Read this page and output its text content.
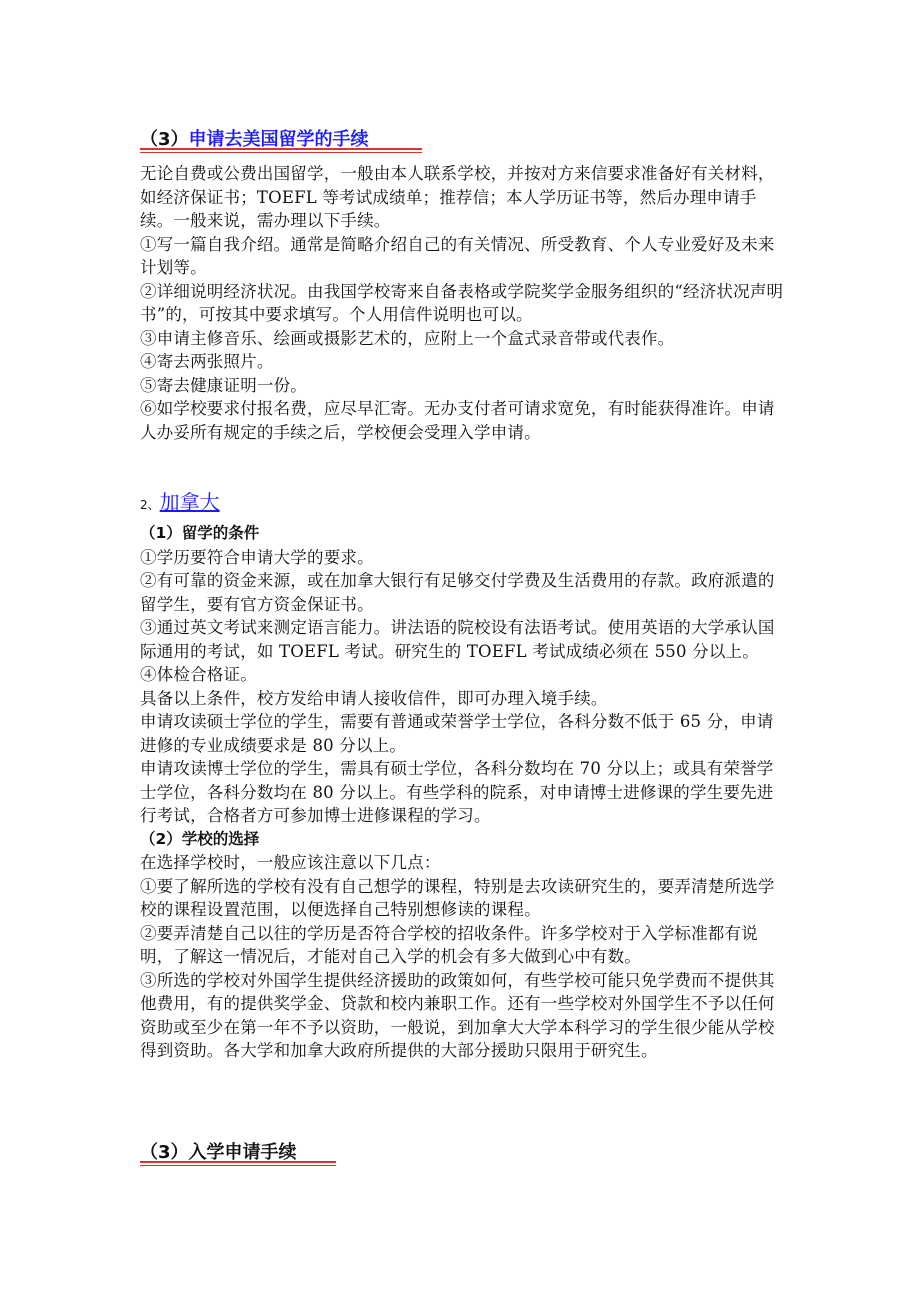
（3）申请去美国留学的手续

无论自费或公费出国留学，一般由本人联系学校，并按对方来信要求准备好有关材料，如经济保证书；TOEFL 等考试成绩单；推荐信；本人学历证书等，然后办理申请手续。一般来说，需办理以下手续。

①写一篇自我介绍。通常是简略介绍自己的有关情况、所受教育、个人专业爱好及未来计划等。

②详细说明经济状况。由我国学校寄来自备表格或学院奖学金服务组织的“经济状况声明书”的，可按其中要求填写。个人用信件说明也可以。

③申请主修音乐、绘画或摄影艺术的，应附上一个盒式录音带或代表作。

④寄去两张照片。

⑤寄去健康证明一份。

⑥如学校要求付报名费，应尽早汇寄。无办支付者可请求宽免，有时能获得准许。申请人办妥所有规定的手续之后，学校便会受理入学申请。

2、加拿大

（1）留学的条件

①学历要符合申请大学的要求。

②有可靠的资金来源，或在加拿大银行有足够交付学费及生活费用的存款。政府派遣的留学生，要有官方资金保证书。

③通过英文考试来测定语言能力。讲法语的院校设有法语考试。使用英语的大学承认国际通用的考试，如 TOEFL 考试。研究生的 TOEFL 考试成绩必须在 550 分以上。

④体检合格证。

具备以上条件，校方发给申请人接收信件，即可办理入境手续。

申请攻读硕士学位的学生，需要有普通或荣誉学士学位，各科分数不低于 65 分，申请进修的专业成绩要求是 80 分以上。

申请攻读博士学位的学生，需具有硕士学位，各科分数均在 70 分以上；或具有荣誉学士学位，各科分数均在 80 分以上。有些学科的院系，对申请博士进修课的学生要先进行考试，合格者方可参加博士进修课程的学习。

（2）学校的选择

在选择学校时，一般应该注意以下几点：

①要了解所选的学校有没有自己想学的课程，特别是去攻读研究生的，要弄清楚所选学校的课程设置范围，以便选择自己特别想修读的课程。

②要弄清楚自己以往的学历是否符合学校的招收条件。许多学校对于入学标准都有说明，了解这一情况后，才能对自己入学的机会有多大做到心中有数。

③所选的学校对外国学生提供经济援助的政策如何，有些学校可能只免学费而不提供其他费用，有的提供奖学金、贷款和校内兼职工作。还有一些学校对外国学生不予以任何资助或至少在第一年不予以资助，一般说，到加拿大大学本科学习的学生很少能从学校得到资助。各大学和加拿大政府所提供的大部分援助只限用于研究生。

（3）入学申请手续
